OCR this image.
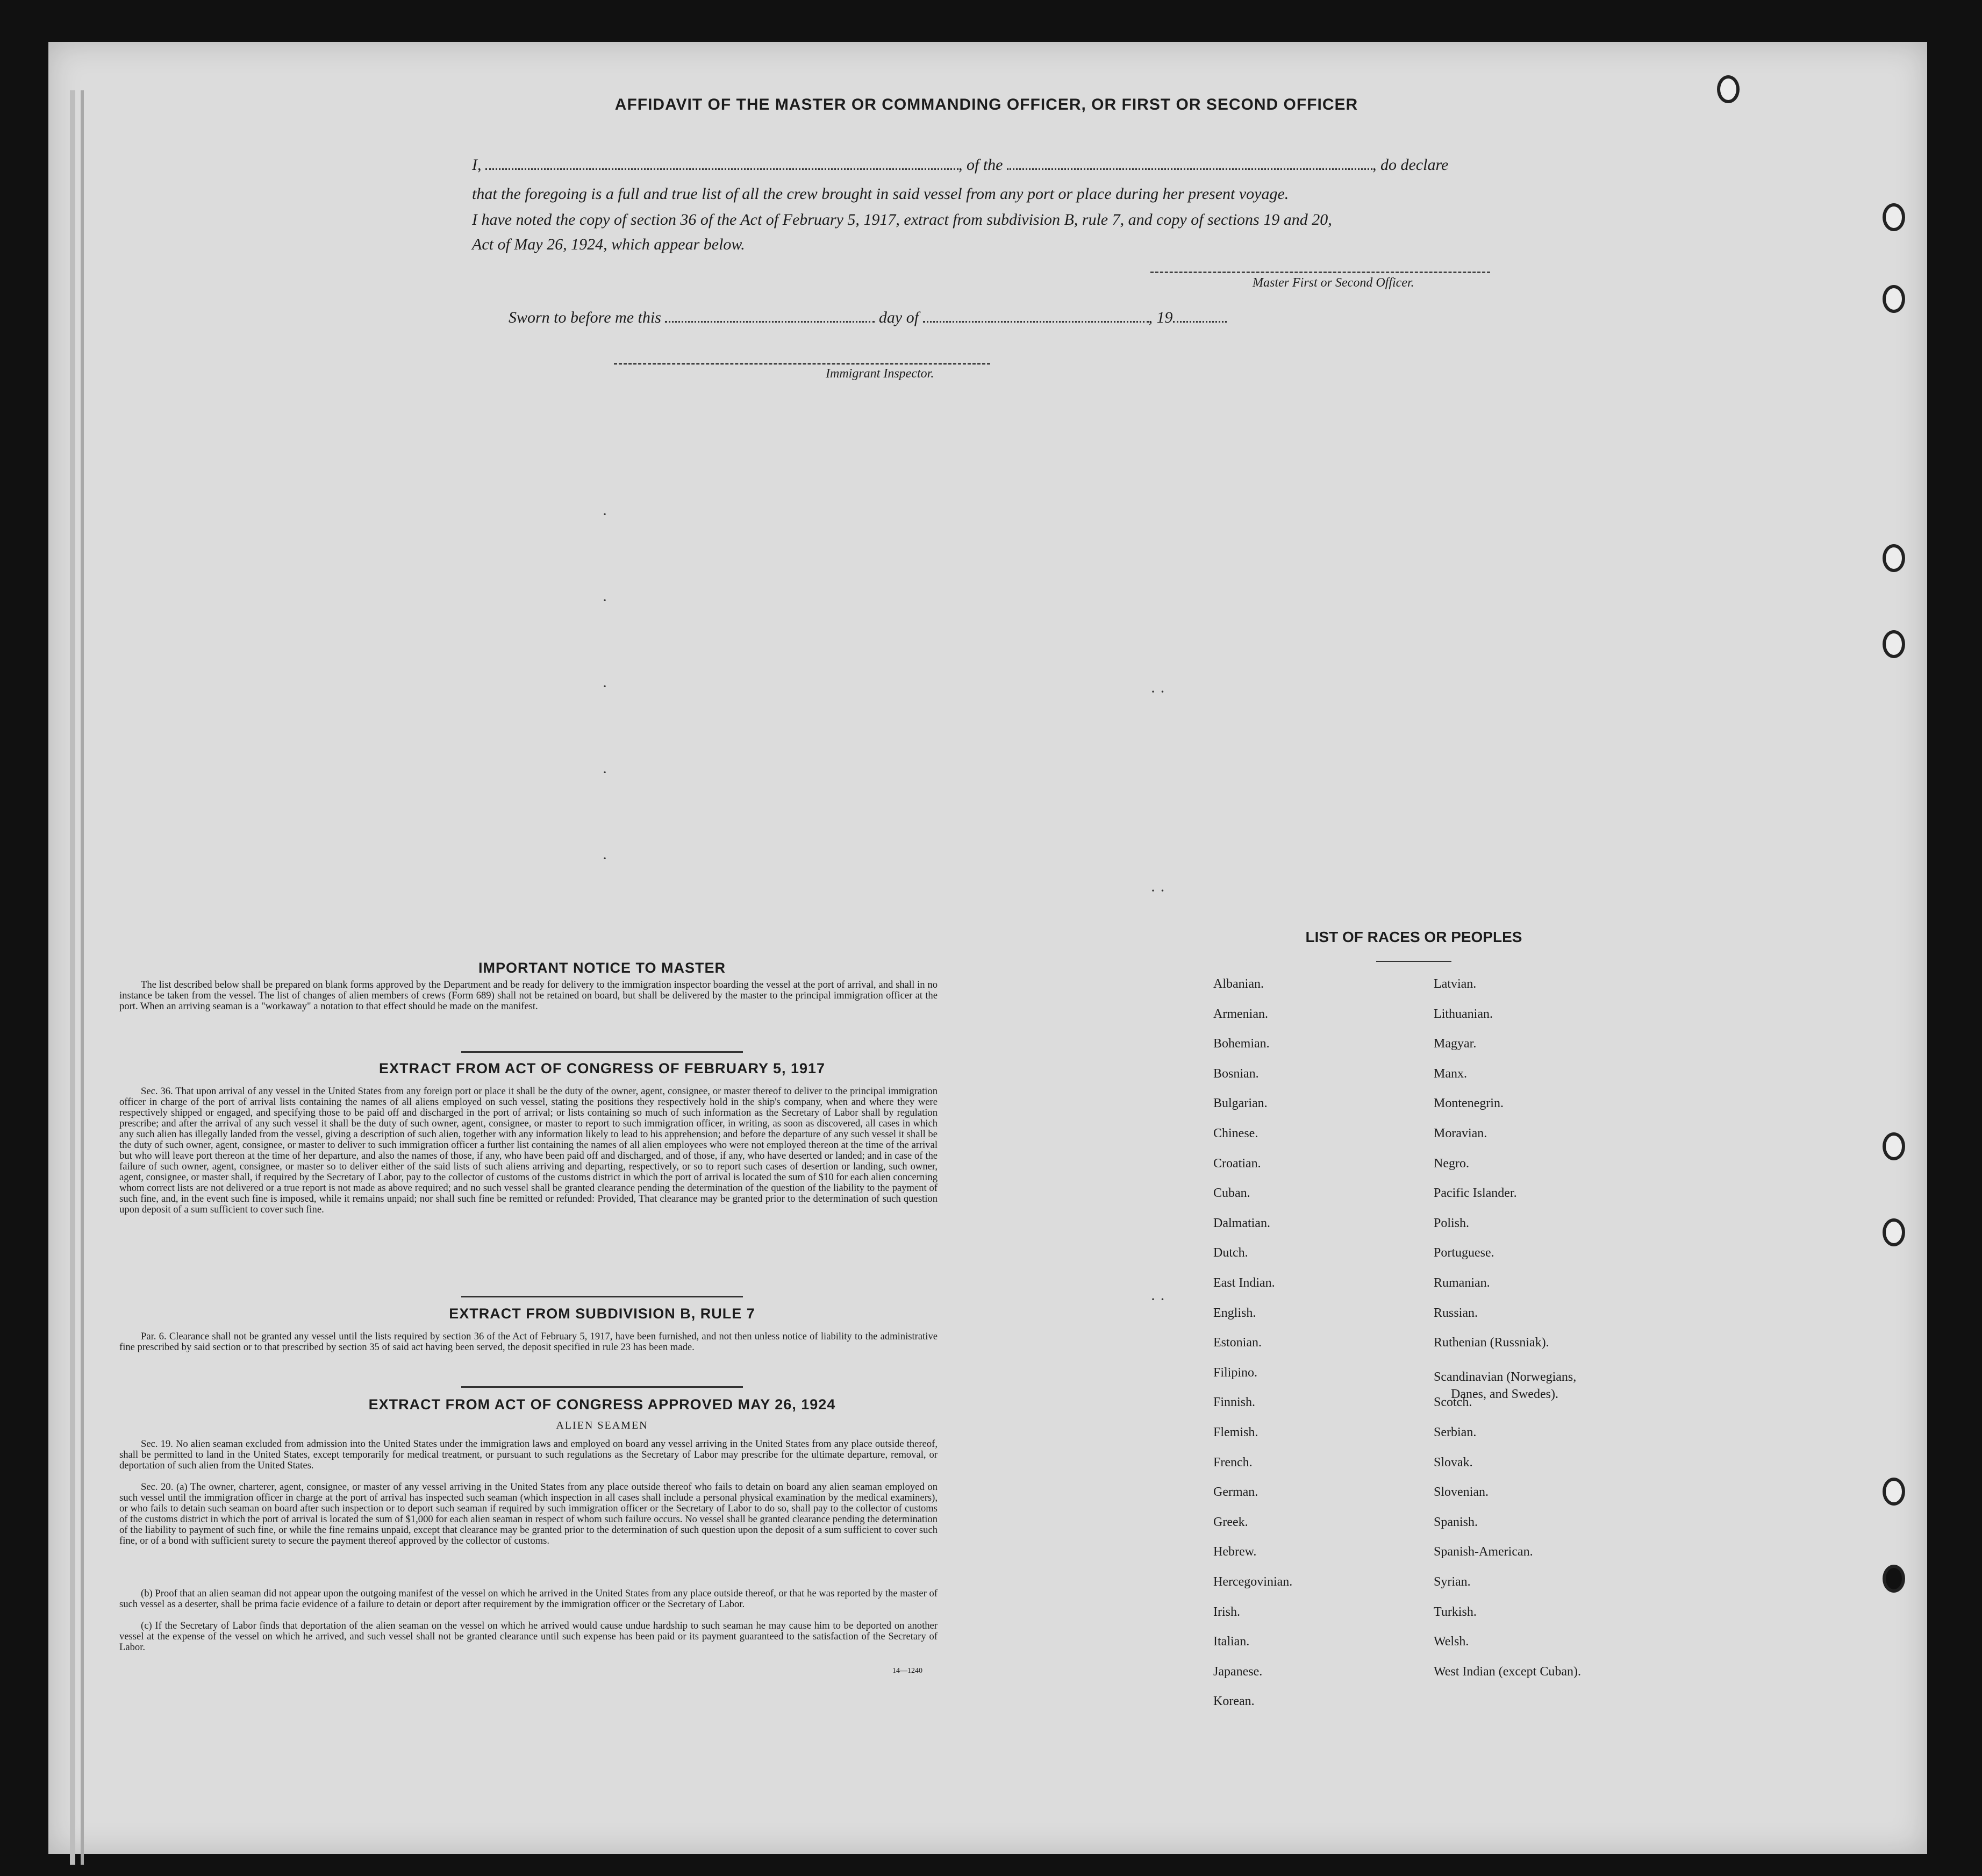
·
·
·
·
·
· ·
· ·
· ·
AFFIDAVIT OF THE MASTER OR COMMANDING OFFICER, OR FIRST OR SECOND OFFICER
I,	, of the	, do declare
that the foregoing is a full and true list of all the crew brought in said vessel from any port or place during her present voyage.
I have noted the copy of section 36 of the Act of February 5, 1917, extract from subdivision B, rule 7, and copy of sections 19 and 20,
Act of May 26, 1924, which appear below.
Master First or Second Officer.
Sworn to before me this	day of	, 19
Immigrant Inspector.
IMPORTANT NOTICE TO MASTER
The list described below shall be prepared on blank forms approved by the Department and be ready for delivery to the immigration inspector boarding the vessel at the port of arrival, and shall in no instance be taken from the vessel. The list of changes of alien members of crews (Form 689) shall not be retained on board, but shall be delivered by the master to the principal immigration officer at the port. When an arriving seaman is a "workaway" a notation to that effect should be made on the manifest.
EXTRACT FROM ACT OF CONGRESS OF FEBRUARY 5, 1917
Sec. 36. That upon arrival of any vessel in the United States from any foreign port or place it shall be the duty of the owner, agent, consignee, or master thereof to deliver to the principal immigration officer in charge of the port of arrival lists containing the names of all aliens employed on such vessel, stating the positions they respectively hold in the ship's company, when and where they were respectively shipped or engaged, and specifying those to be paid off and discharged in the port of arrival; or lists containing so much of such information as the Secretary of Labor shall by regulation prescribe; and after the arrival of any such vessel it shall be the duty of such owner, agent, consignee, or master to report to such immigration officer, in writing, as soon as discovered, all cases in which any such alien has illegally landed from the vessel, giving a description of such alien, together with any information likely to lead to his apprehension; and before the departure of any such vessel it shall be the duty of such owner, agent, consignee, or master to deliver to such immigration officer a further list containing the names of all alien employees who were not employed thereon at the time of the arrival but who will leave port thereon at the time of her departure, and also the names of those, if any, who have been paid off and discharged, and of those, if any, who have deserted or landed; and in case of the failure of such owner, agent, consignee, or master so to deliver either of the said lists of such aliens arriving and departing, respectively, or so to report such cases of desertion or landing, such owner, agent, consignee, or master shall, if required by the Secretary of Labor, pay to the collector of customs of the customs district in which the port of arrival is located the sum of $10 for each alien concerning whom correct lists are not delivered or a true report is not made as above required; and no such vessel shall be granted clearance pending the determination of the question of the liability to the payment of such fine, and, in the event such fine is imposed, while it remains unpaid; nor shall such fine be remitted or refunded: Provided, That clearance may be granted prior to the determination of such question upon deposit of a sum sufficient to cover such fine.
EXTRACT FROM SUBDIVISION B, RULE 7
Par. 6. Clearance shall not be granted any vessel until the lists required by section 36 of the Act of February 5, 1917, have been furnished, and not then unless notice of liability to the administrative fine prescribed by said section or to that prescribed by section 35 of said act having been served, the deposit specified in rule 23 has been made.
EXTRACT FROM ACT OF CONGRESS APPROVED MAY 26, 1924
ALIEN SEAMEN
Sec. 19. No alien seaman excluded from admission into the United States under the immigration laws and employed on board any vessel arriving in the United States from any place outside thereof, shall be permitted to land in the United States, except temporarily for medical treatment, or pursuant to such regulations as the Secretary of Labor may prescribe for the ultimate departure, removal, or deportation of such alien from the United States.
Sec. 20. (a) The owner, charterer, agent, consignee, or master of any vessel arriving in the United States from any place outside thereof who fails to detain on board any alien seaman employed on such vessel until the immigration officer in charge at the port of arrival has inspected such seaman (which inspection in all cases shall include a personal physical examination by the medical examiners), or who fails to detain such seaman on board after such inspection or to deport such seaman if required by such immigration officer or the Secretary of Labor to do so, shall pay to the collector of customs of the customs district in which the port of arrival is located the sum of $1,000 for each alien seaman in respect of whom such failure occurs. No vessel shall be granted clearance pending the determination of the liability to payment of such fine, or while the fine remains unpaid, except that clearance may be granted prior to the determination of such question upon the deposit of a sum sufficient to cover such fine, or of a bond with sufficient surety to secure the payment thereof approved by the collector of customs.
(b) Proof that an alien seaman did not appear upon the outgoing manifest of the vessel on which he arrived in the United States from any place outside thereof, or that he was reported by the master of such vessel as a deserter, shall be prima facie evidence of a failure to detain or deport after requirement by the immigration officer or the Secretary of Labor.
(c) If the Secretary of Labor finds that deportation of the alien seaman on the vessel on which he arrived would cause undue hardship to such seaman he may cause him to be deported on another vessel at the expense of the vessel on which he arrived, and such vessel shall not be granted clearance until such expense has been paid or its payment guaranteed to the satisfaction of the Secretary of Labor.
14—1240
LIST OF RACES OR PEOPLES
Albanian.
Armenian.
Bohemian.
Bosnian.
Bulgarian.
Chinese.
Croatian.
Cuban.
Dalmatian.
Dutch.
East Indian.
English.
Estonian.
Filipino.
Finnish.
Flemish.
French.
German.
Greek.
Hebrew.
Hercegovinian.
Irish.
Italian.
Japanese.
Korean.
Latvian.
Lithuanian.
Magyar.
Manx.
Montenegrin.
Moravian.
Negro.
Pacific Islander.
Polish.
Portuguese.
Rumanian.
Russian.
Ruthenian (Russniak).
Scandinavian (Norwegians,
Danes, and Swedes).
Scotch.
Serbian.
Slovak.
Slovenian.
Spanish.
Spanish-American.
Syrian.
Turkish.
Welsh.
West Indian (except Cuban).
